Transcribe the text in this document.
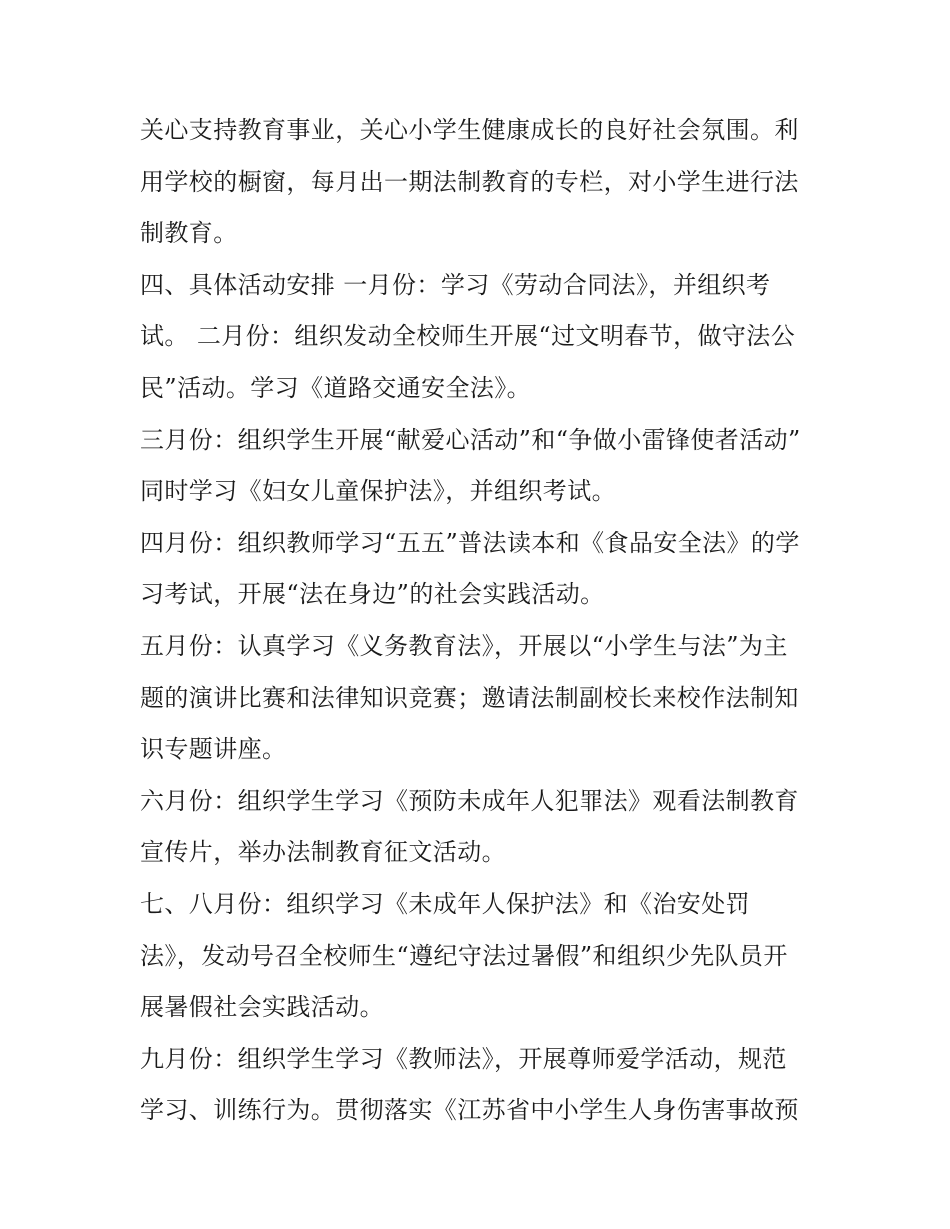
关心支持教育事业，关心小学生健康成长的良好社会氛围。利
用学校的橱窗，每月出一期法制教育的专栏，对小学生进行法
制教育。
四、具体活动安排 一月份：学习《劳动合同法》，并组织考
试。 二月份：组织发动全校师生开展“过文明春节，做守法公
民”活动。学习《道路交通安全法》。
三月份：组织学生开展“献爱心活动”和“争做小雷锋使者活动”
同时学习《妇女儿童保护法》，并组织考试。
四月份：组织教师学习“五五”普法读本和《食品安全法》的学
习考试，开展“法在身边”的社会实践活动。
五月份：认真学习《义务教育法》，开展以“小学生与法”为主
题的演讲比赛和法律知识竞赛；邀请法制副校长来校作法制知
识专题讲座。
六月份：组织学生学习《预防未成年人犯罪法》观看法制教育
宣传片，举办法制教育征文活动。
七、八月份：组织学习《未成年人保护法》和《治安处罚
法》，发动号召全校师生“遵纪守法过暑假”和组织少先队员开
展暑假社会实践活动。
九月份：组织学生学习《教师法》，开展尊师爱学活动，规范
学习、训练行为。贯彻落实《江苏省中小学生人身伤害事故预
